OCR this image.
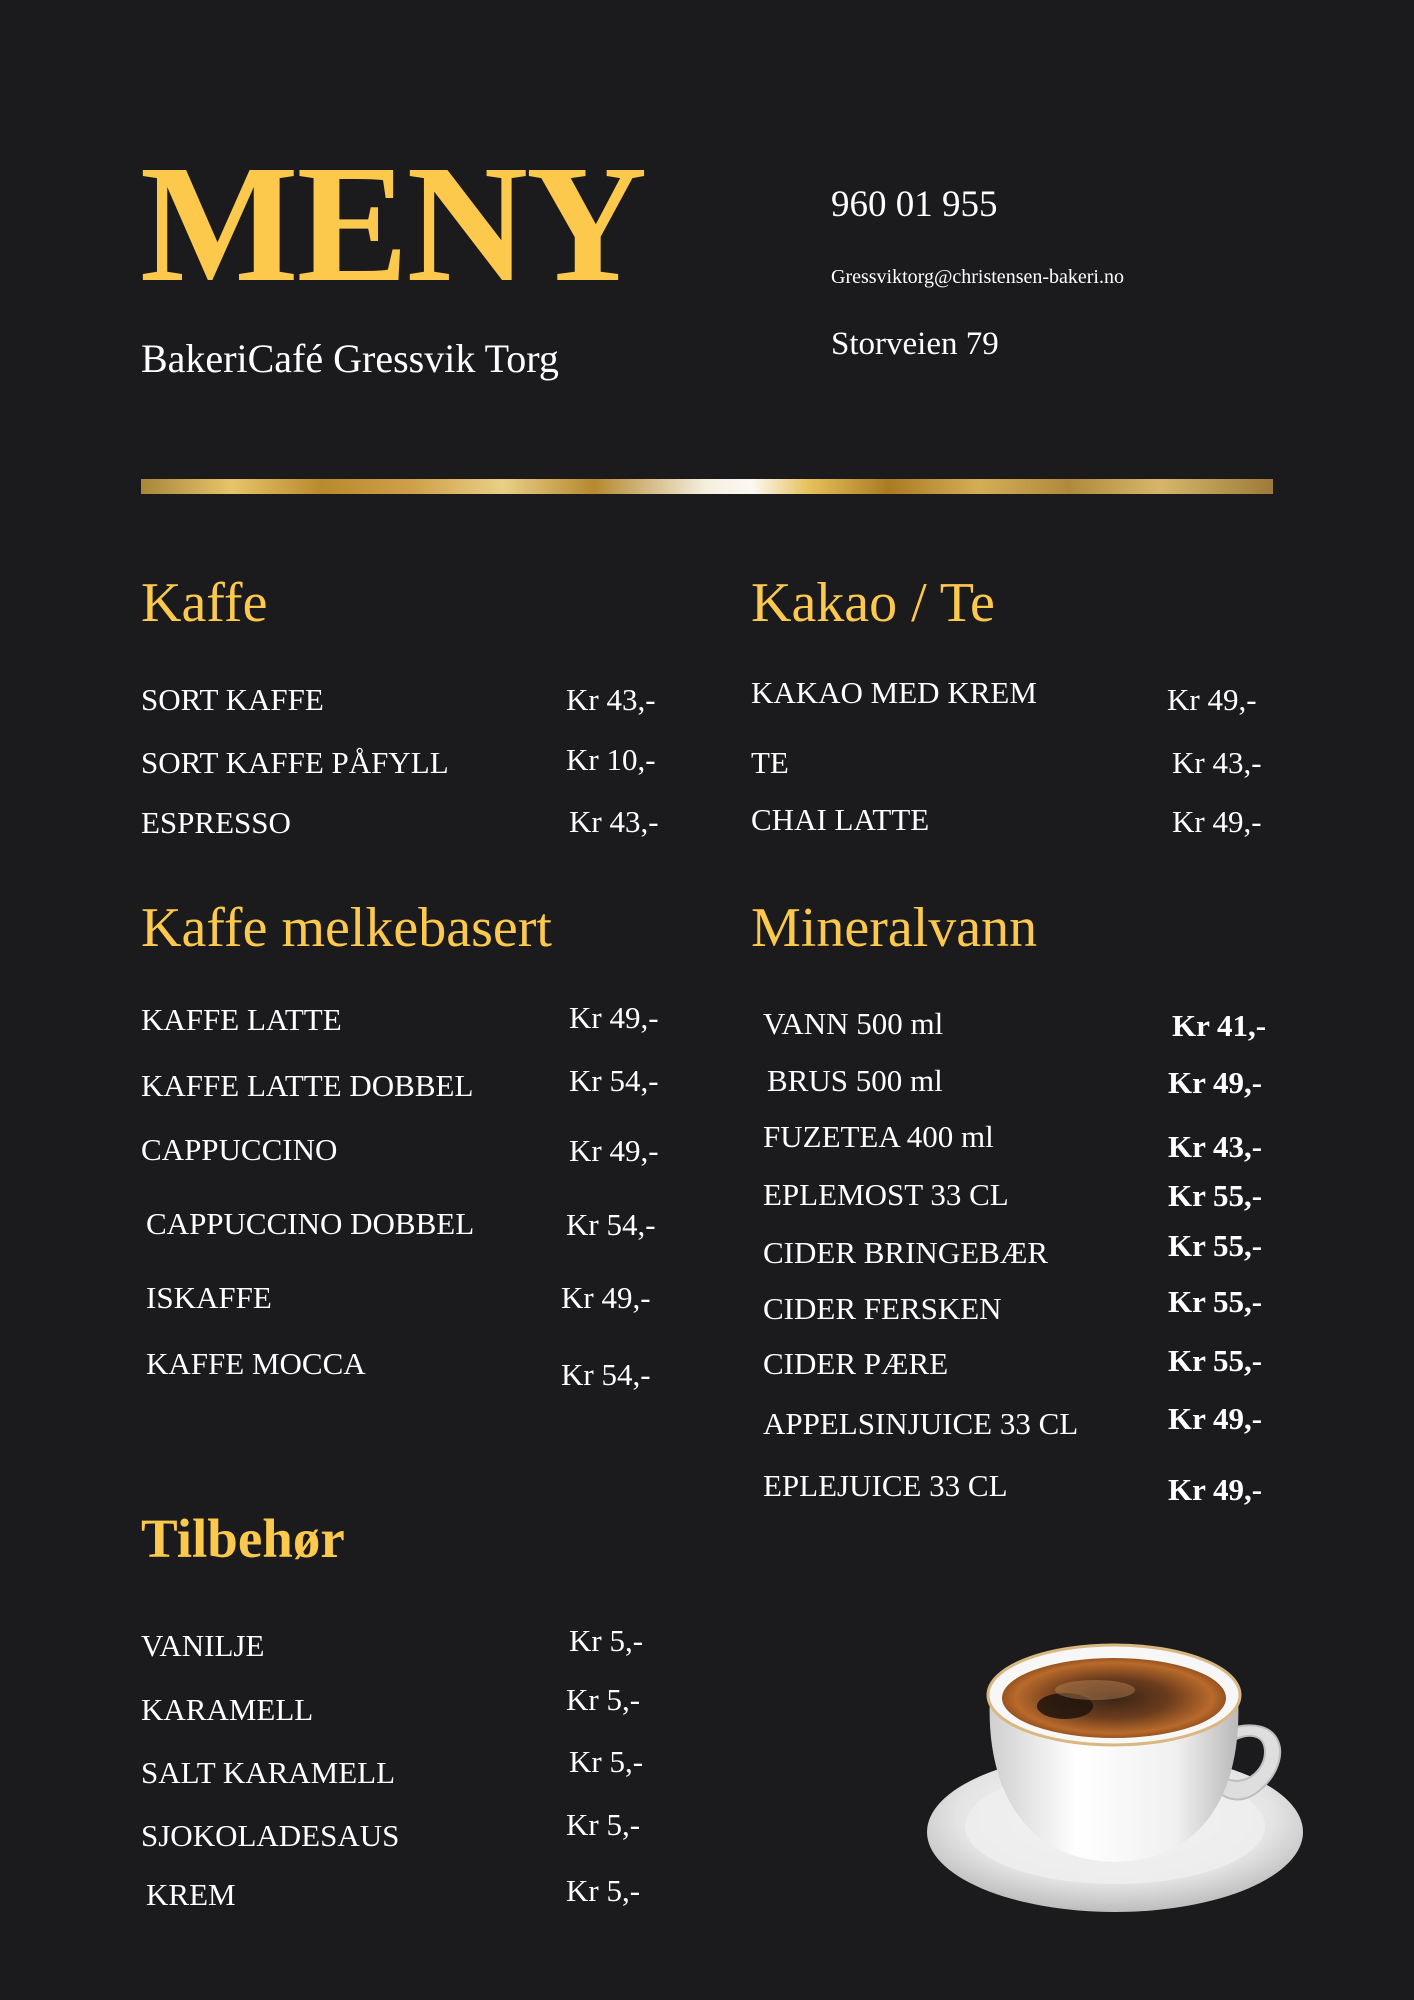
MENY
BakeriCafé Gressvik Torg
960 01 955
Gressviktorg@christensen-bakeri.no
Storveien 79
Kaffe
SORT KAFFE	Kr 43,-
SORT KAFFE PÅFYLL	Kr 10,-
ESPRESSO	Kr 43,-
Kakao / Te
KAKAO MED KREM	Kr 49,-
TE	Kr 43,-
CHAI LATTE	Kr 49,-
Kaffe melkebasert
KAFFE LATTE	Kr 49,-
KAFFE LATTE DOBBEL	Kr 54,-
CAPPUCCINO	Kr 49,-
CAPPUCCINO DOBBEL	Kr 54,-
ISKAFFE	Kr 49,-
KAFFE MOCCA	Kr 54,-
Mineralvann
VANN 500 ml	Kr 41,-
BRUS 500 ml	Kr 49,-
FUZETEA 400 ml	Kr 43,-
EPLEMOST 33 CL	Kr 55,-
CIDER BRINGEBÆR	Kr 55,-
CIDER FERSKEN	Kr 55,-
CIDER PÆRE	Kr 55,-
APPELSINJUICE 33 CL	Kr 49,-
EPLEJUICE 33 CL	Kr 49,-
Tilbehør
VANILJE	Kr 5,-
KARAMELL	Kr 5,-
SALT KARAMELL	Kr 5,-
SJOKOLADESAUS	Kr 5,-
KREM	Kr 5,-
